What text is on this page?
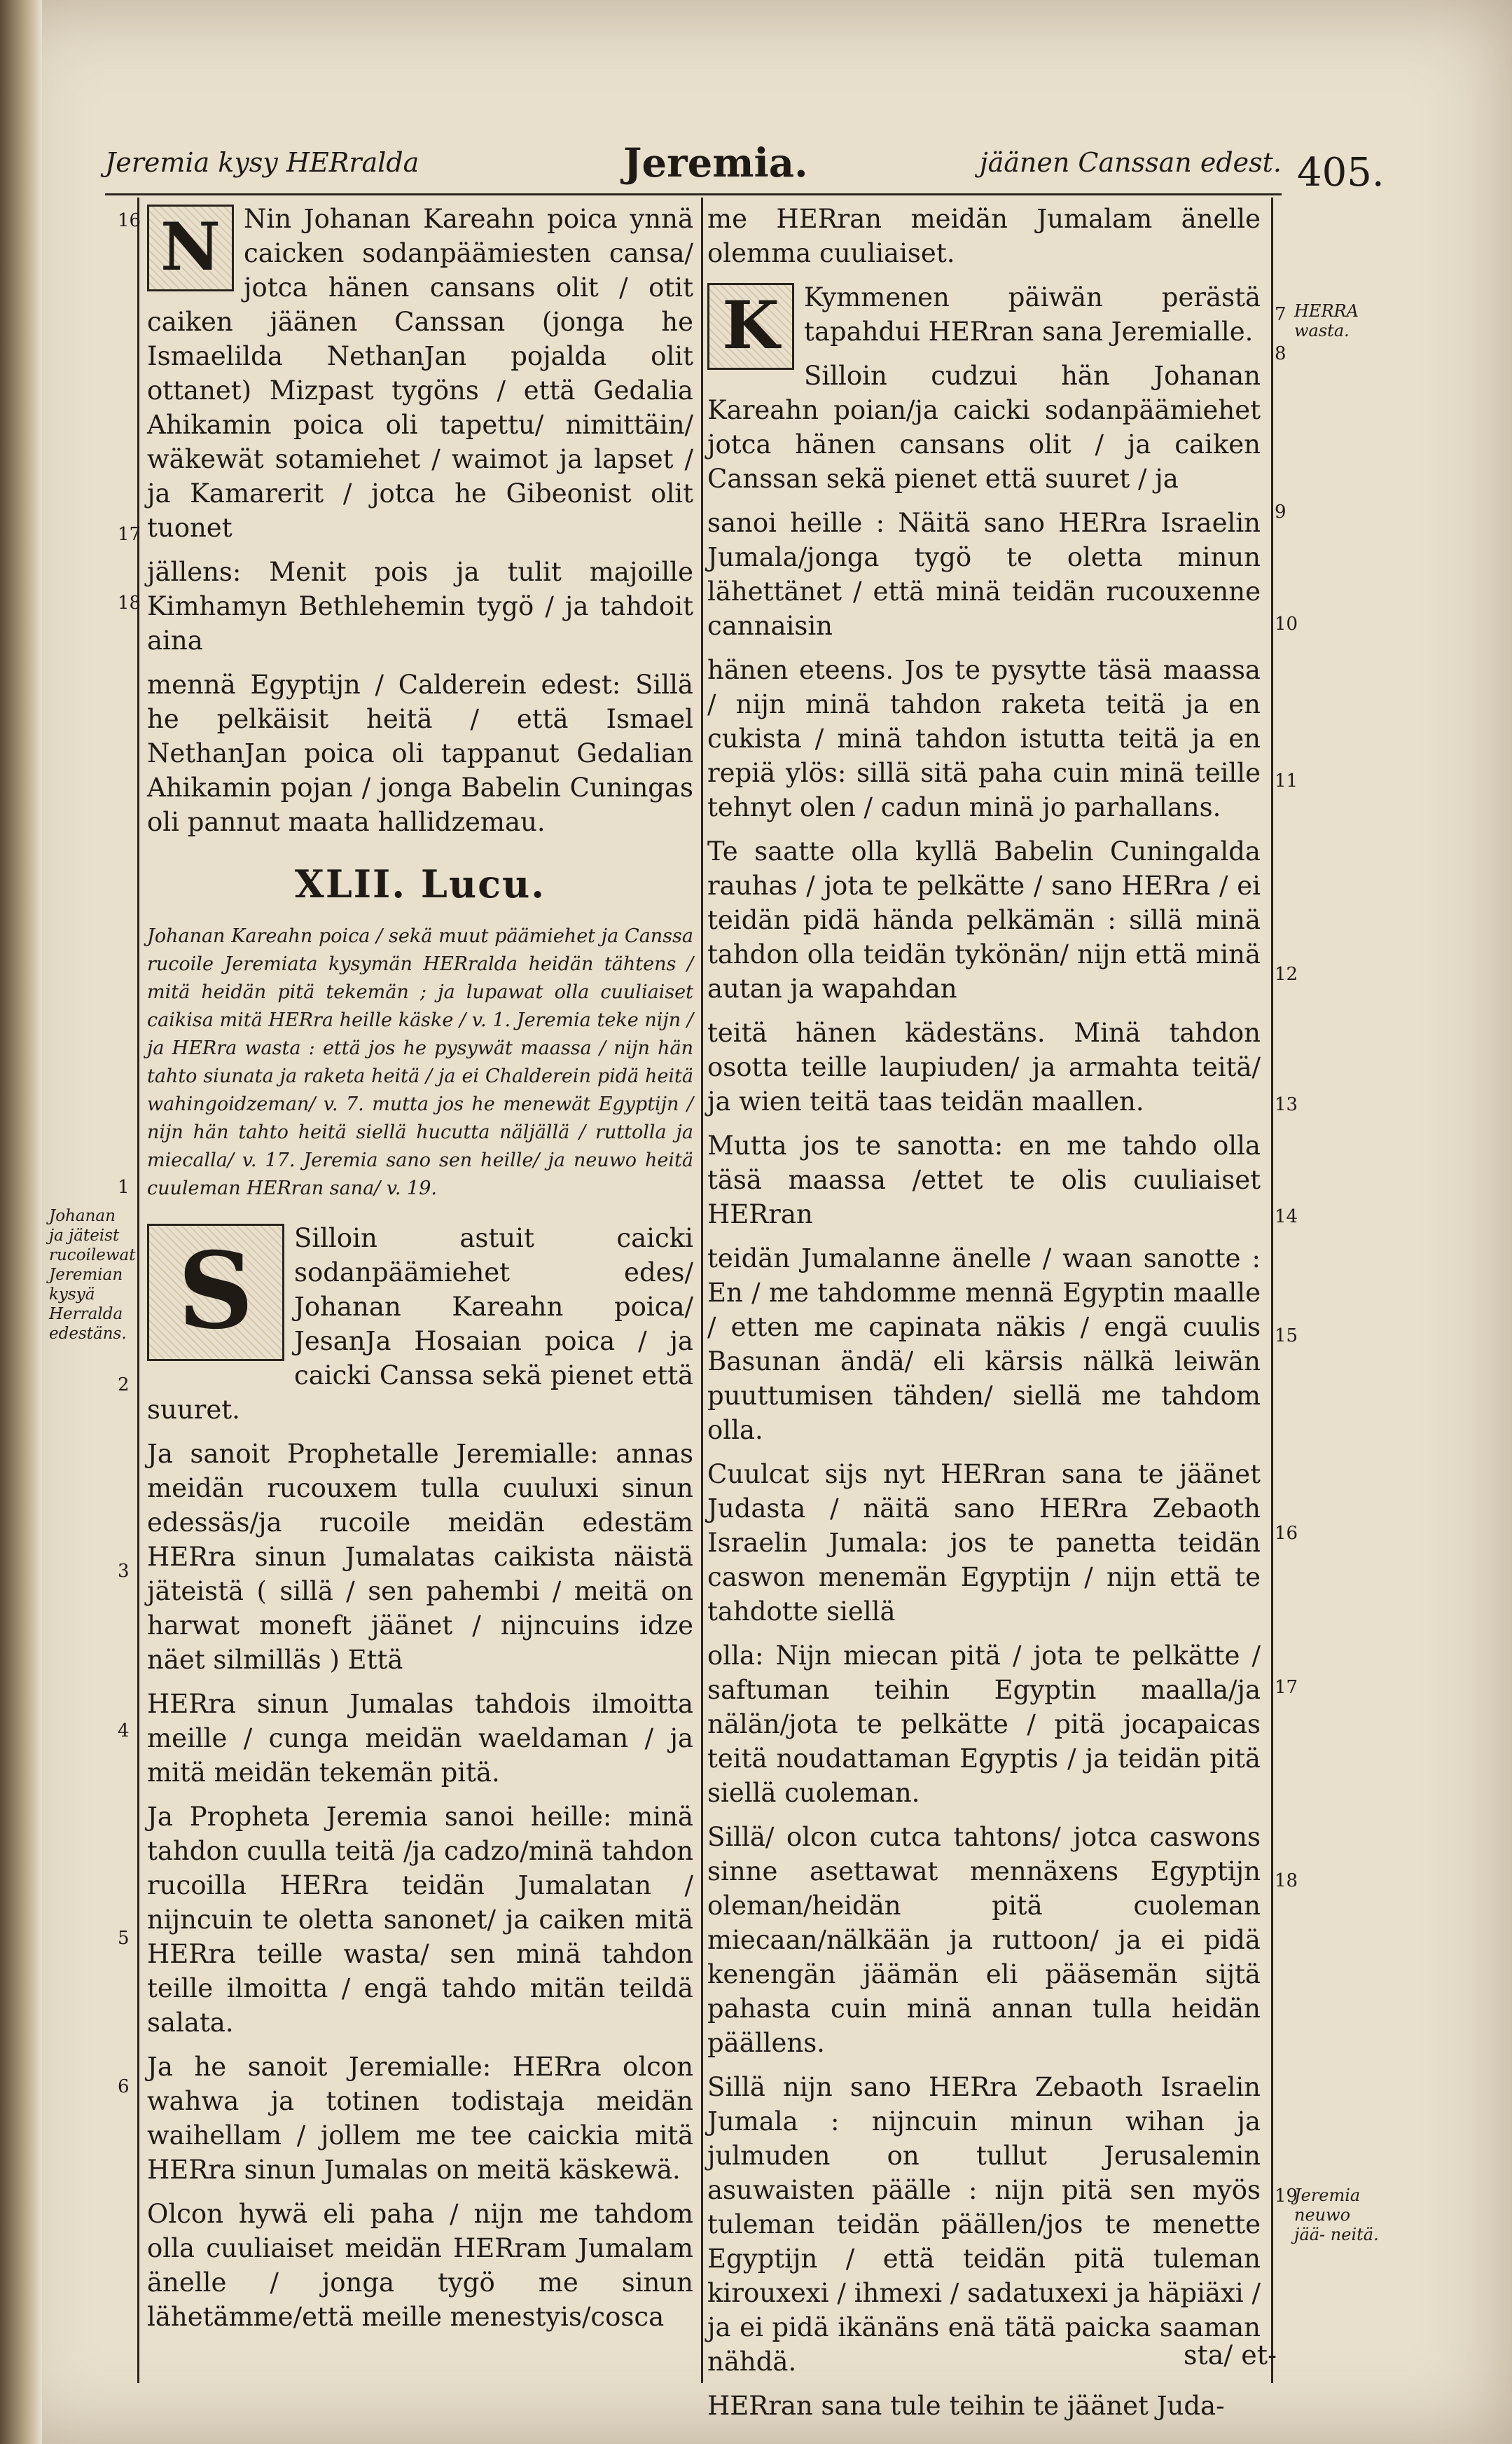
Jeremia kysy HERralda	Jeremia.	jäänen Canssan edest. 405.
16
17
18
1
2
3
4
5
6
7
8
9
10
11
12
13
14
15
16
17
18
19
Johanan ja jäteist rucoilewat Jeremian kysyä Herralda edestäns.
HERRA wasta.
Jeremia neuwo jää- neitä.

N Nin Johanan Kareahn poica ynnä caicken sodanpäämiesten cansa/ jotca hänen cansans olit / otit caiken jäänen Canssan (jonga he Ismaelilda NethanJan pojalda olit ottanet) Mizpast tygöns / että Gedalia Ahikamin poica oli tapettu/ nimittäin/ wäkewät sotamiehet / waimot ja lapset / ja Kamarerit / jotca he Gibeonist olit tuonet

jällens: Menit pois ja tulit majoille Kimhamyn Bethlehemin tygö / ja tahdoit aina

mennä Egyptijn / Calderein edest: Sillä he pelkäisit heitä / että Ismael NethanJan poica oli tappanut Gedalian Ahikamin pojan / jonga Babelin Cuningas oli pannut maata hallidzemau.

XLII. Lucu.

Johanan Kareahn poica / sekä muut päämiehet ja Canssa rucoile Jeremiata kysymän HERralda heidän tähtens / mitä heidän pitä tekemän ; ja lupawat olla cuuliaiset caikisa mitä HERra heille käske / v. 1. Jeremia teke nijn / ja HERra wasta : että jos he pysywät maassa / nijn hän tahto siunata ja raketa heitä / ja ei Chalderein pidä heitä wahingoidzeman/ v. 7. mutta jos he menewät Egyptijn / nijn hän tahto heitä siellä hucutta näljällä / ruttolla ja miecalla/ v. 17. Jeremia sano sen heille/ ja neuwo heitä cuuleman HERran sana/ v. 19.

S	Silloin astuit caicki sodanpäämiehet edes/ Johanan Kareahn poica/ JesanJa Hosaian poica / ja caicki Canssa sekä pienet että suuret.

Ja sanoit Prophetalle Jeremialle: annas meidän rucouxem tulla cuuluxi sinun edessäs/ja rucoile meidän edestäm HERra sinun Jumalatas caikista näistä jäteistä ( sillä / sen pahembi / meitä on harwat moneft jäänet / nijncuins idze näet silmilläs ) Että

HERra sinun Jumalas tahdois ilmoitta meille / cunga meidän waeldaman / ja mitä meidän tekemän pitä.

Ja Propheta Jeremia sanoi heille: minä tahdon cuulla teitä /ja cadzo/minä tahdon rucoilla HERra teidän Jumalatan / nijncuin te oletta sanonet/ ja caiken mitä HERra teille wasta/ sen minä tahdon teille ilmoitta / engä tahdo mitän teildä salata.

Ja he sanoit Jeremialle: HERra olcon wahwa ja totinen todistaja meidän waihellam / jollem me tee caickia mitä HERra sinun Jumalas on meitä käskewä.

Olcon hywä eli paha / nijn me tahdom olla cuuliaiset meidän HERram Jumalam änelle / jonga tygö me sinun lähetämme/että meille menestyis/cosca

me HERran meidän Jumalam änelle olemma cuuliaiset.

K Kymmenen päiwän perästä tapahdui HERran sana Jeremialle.

Silloin cudzui hän Johanan Kareahn poian/ja caicki sodanpäämiehet jotca hänen cansans olit / ja caiken Canssan sekä pienet että suuret / ja

sanoi heille : Näitä sano HERra Israelin Jumala/jonga tygö te oletta minun lähettänet / että minä teidän rucouxenne cannaisin

hänen eteens. Jos te pysytte täsä maassa / nijn minä tahdon raketa teitä ja en cukista / minä tahdon istutta teitä ja en repiä ylös: sillä sitä paha cuin minä teille tehnyt olen / cadun minä jo parhallans.

Te saatte olla kyllä Babelin Cuningalda rauhas / jota te pelkätte / sano HERra / ei teidän pidä hända pelkämän : sillä minä tahdon olla teidän tykönän/ nijn että minä autan ja wapahdan

teitä hänen kädestäns. Minä tahdon osotta teille laupiuden/ ja armahta teitä/ ja wien teitä taas teidän maallen.

Mutta jos te sanotta: en me tahdo olla täsä maassa /ettet te olis cuuliaiset HERran

teidän Jumalanne änelle / waan sanotte : En / me tahdomme mennä Egyptin maalle / etten me capinata näkis / engä cuulis Basunan ändä/ eli kärsis nälkä leiwän puuttumisen tähden/ siellä me tahdom olla.

Cuulcat sijs nyt HERran sana te jäänet Judasta / näitä sano HERra Zebaoth Israelin Jumala: jos te panetta teidän caswon menemän Egyptijn / nijn että te tahdotte siellä

olla: Nijn miecan pitä / jota te pelkätte / saftuman teihin Egyptin maalla/ja nälän/jota te pelkätte / pitä jocapaicas teitä noudattaman Egyptis / ja teidän pitä siellä cuoleman.

Sillä/ olcon cutca tahtons/ jotca caswons sinne asettawat mennäxens Egyptijn oleman/heidän pitä cuoleman miecaan/nälkään ja ruttoon/ ja ei pidä kenengän jäämän eli pääsemän sijtä pahasta cuin minä annan tulla heidän päällens.

Sillä nijn sano HERra Zebaoth Israelin Jumala : nijncuin minun wihan ja julmuden on tullut Jerusalemin asuwaisten päälle : nijn pitä sen myös tuleman teidän päällen/jos te menette Egyptijn / että teidän pitä tuleman kirouxexi / ihmexi / sadatuxexi ja häpiäxi / ja ei pidä ikänäns enä tätä paicka saaman nähdä.

HERran sana tule teihin te jäänet Juda-

sta/ et-
